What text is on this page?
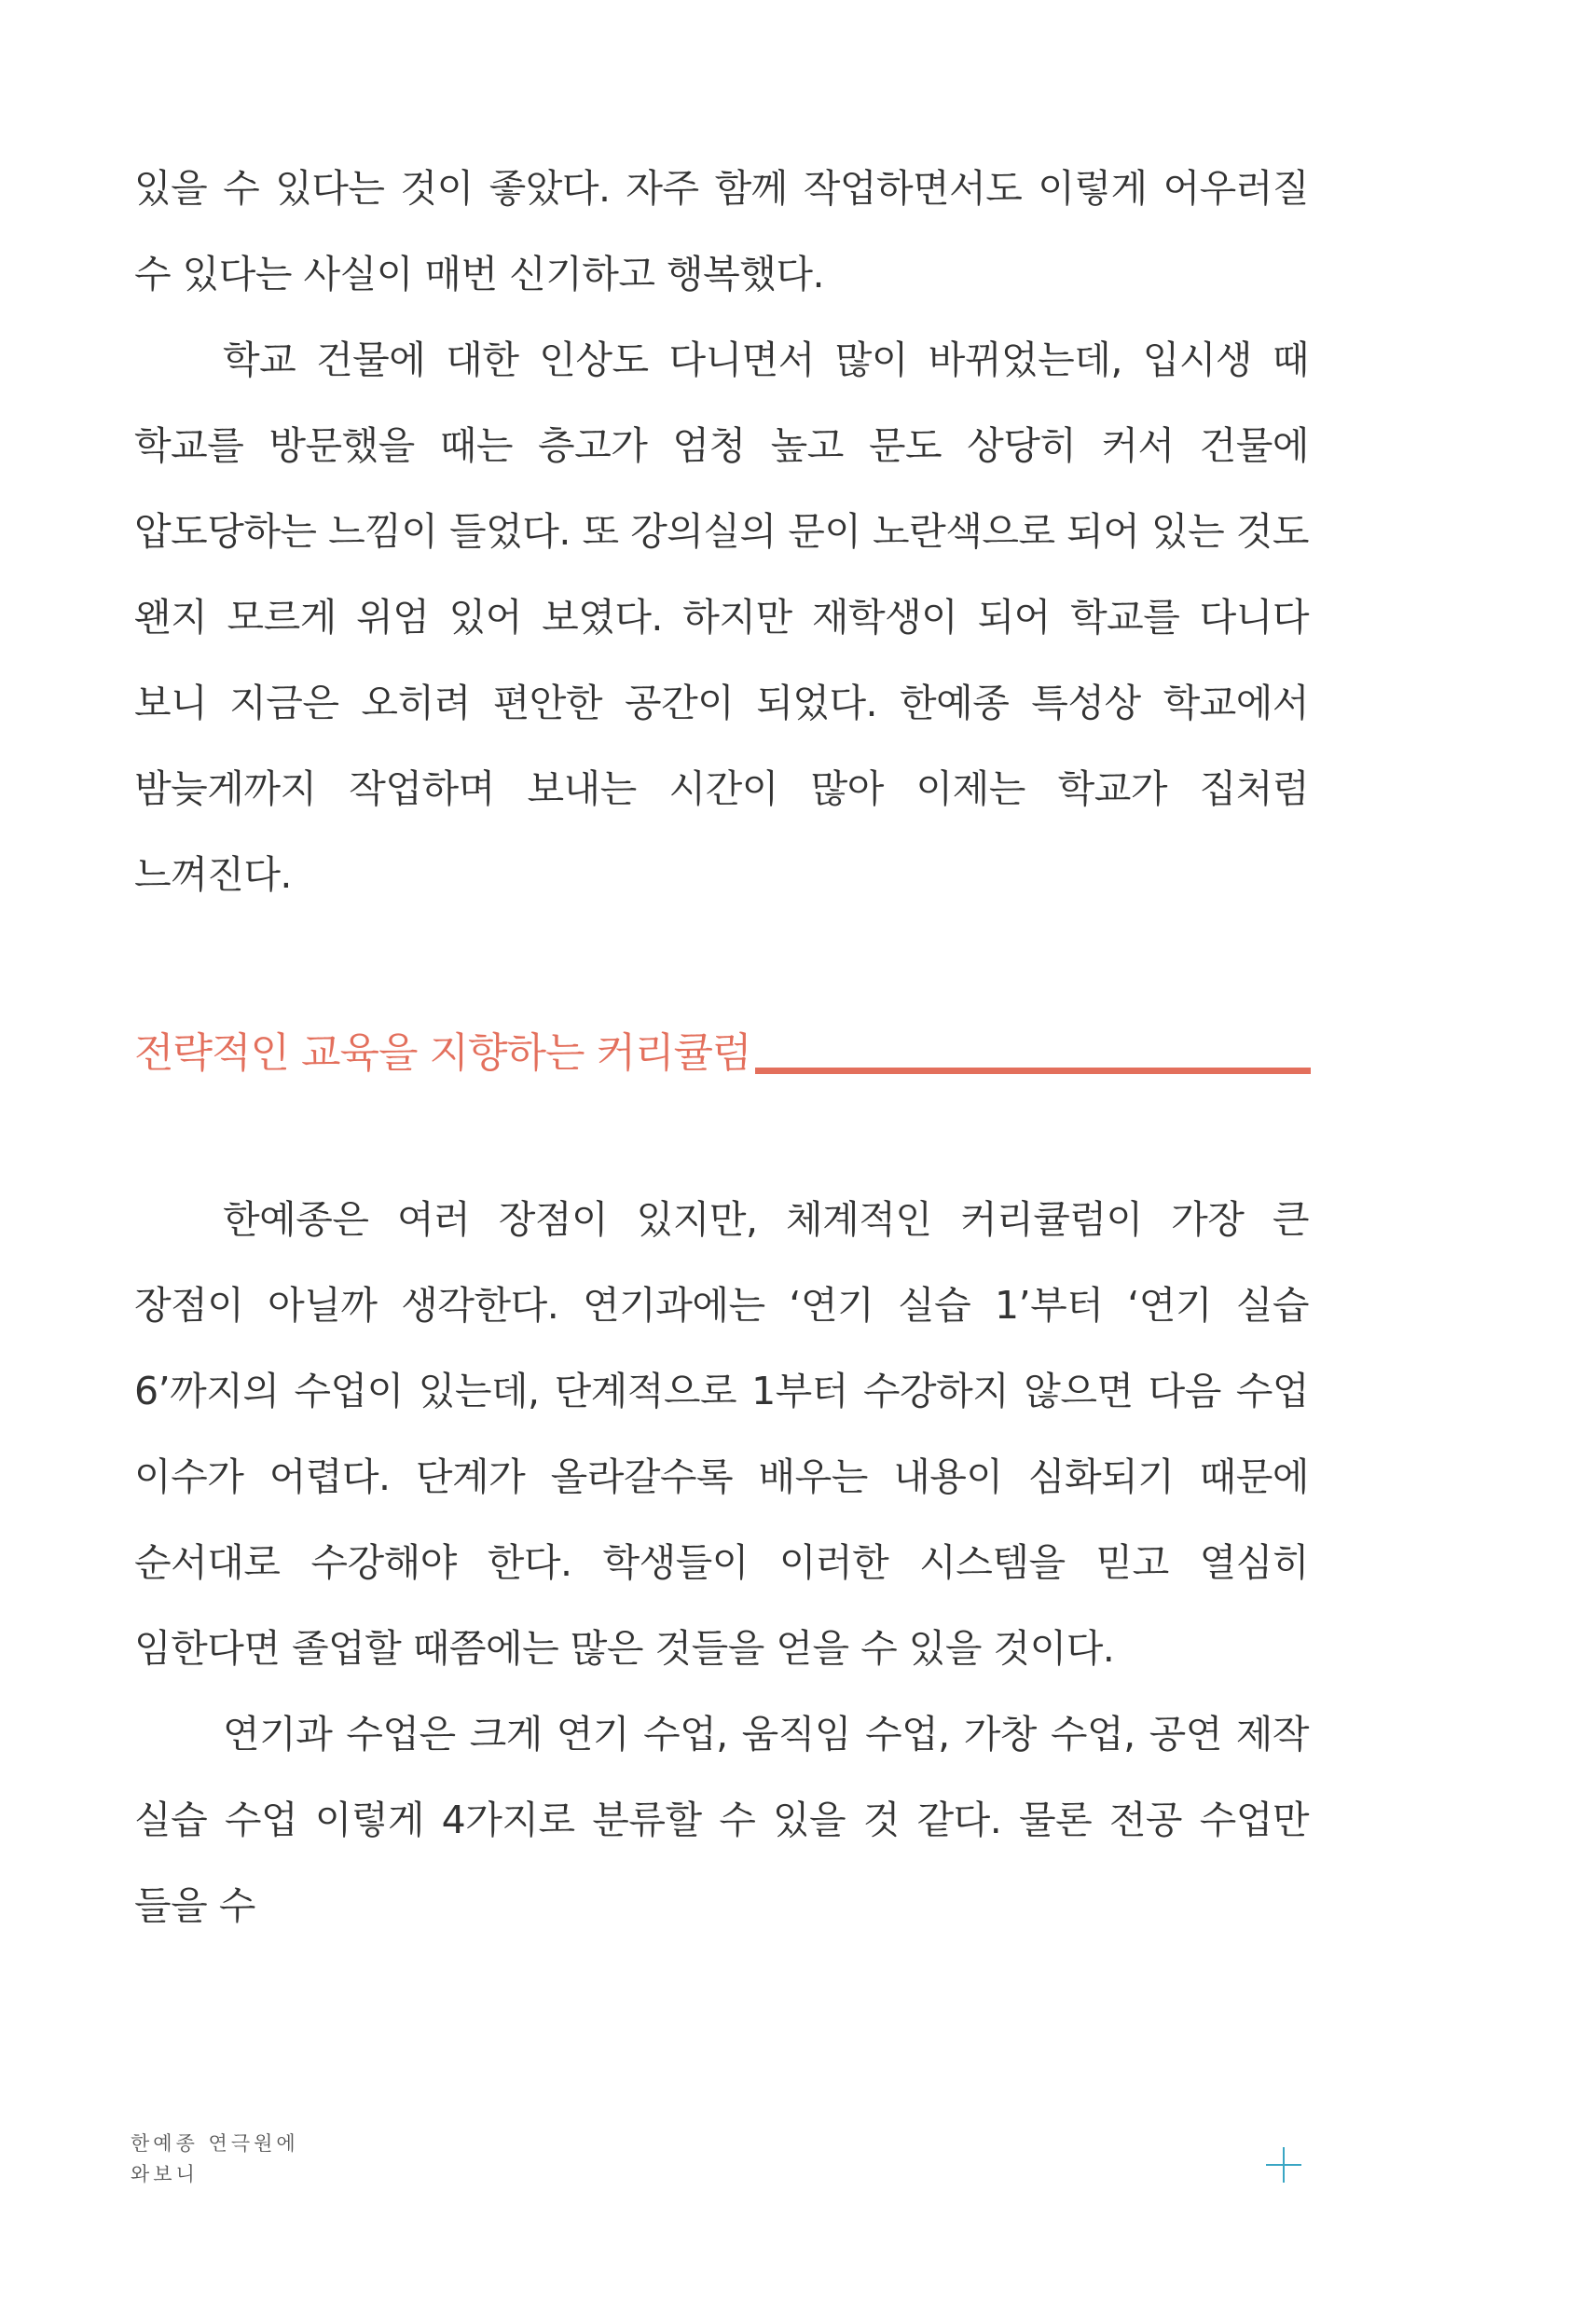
있을 수 있다는 것이 좋았다. 자주 함께 작업하면서도 이렇게 어우러질 수 있다는 사실이 매번 신기하고 행복했다.

학교 건물에 대한 인상도 다니면서 많이 바뀌었는데, 입시생 때 학교를 방문했을 때는 층고가 엄청 높고 문도 상당히 커서 건물에 압도당하는 느낌이 들었다. 또 강의실의 문이 노란색으로 되어 있는 것도 왠지 모르게 위엄 있어 보였다. 하지만 재학생이 되어 학교를 다니다 보니 지금은 오히려 편안한 공간이 되었다. 한예종 특성상 학교에서 밤늦게까지 작업하며 보내는 시간이 많아 이제는 학교가 집처럼 느껴진다.

전략적인 교육을 지향하는 커리큘럼

한예종은 여러 장점이 있지만, 체계적인 커리큘럼이 가장 큰 장점이 아닐까 생각한다. 연기과에는 ‘연기 실습 1’부터 ‘연기 실습 6’까지의 수업이 있는데, 단계적으로 1부터 수강하지 않으면 다음 수업 이수가 어렵다. 단계가 올라갈수록 배우는 내용이 심화되기 때문에 순서대로 수강해야 한다. 학생들이 이러한 시스템을 믿고 열심히 임한다면 졸업할 때쯤에는 많은 것들을 얻을 수 있을 것이다.

연기과 수업은 크게 연기 수업, 움직임 수업, 가창 수업, 공연 제작 실습 수업 이렇게 4가지로 분류할 수 있을 것 같다. 물론 전공 수업만 들을 수

한예종 연극원에
와보니
